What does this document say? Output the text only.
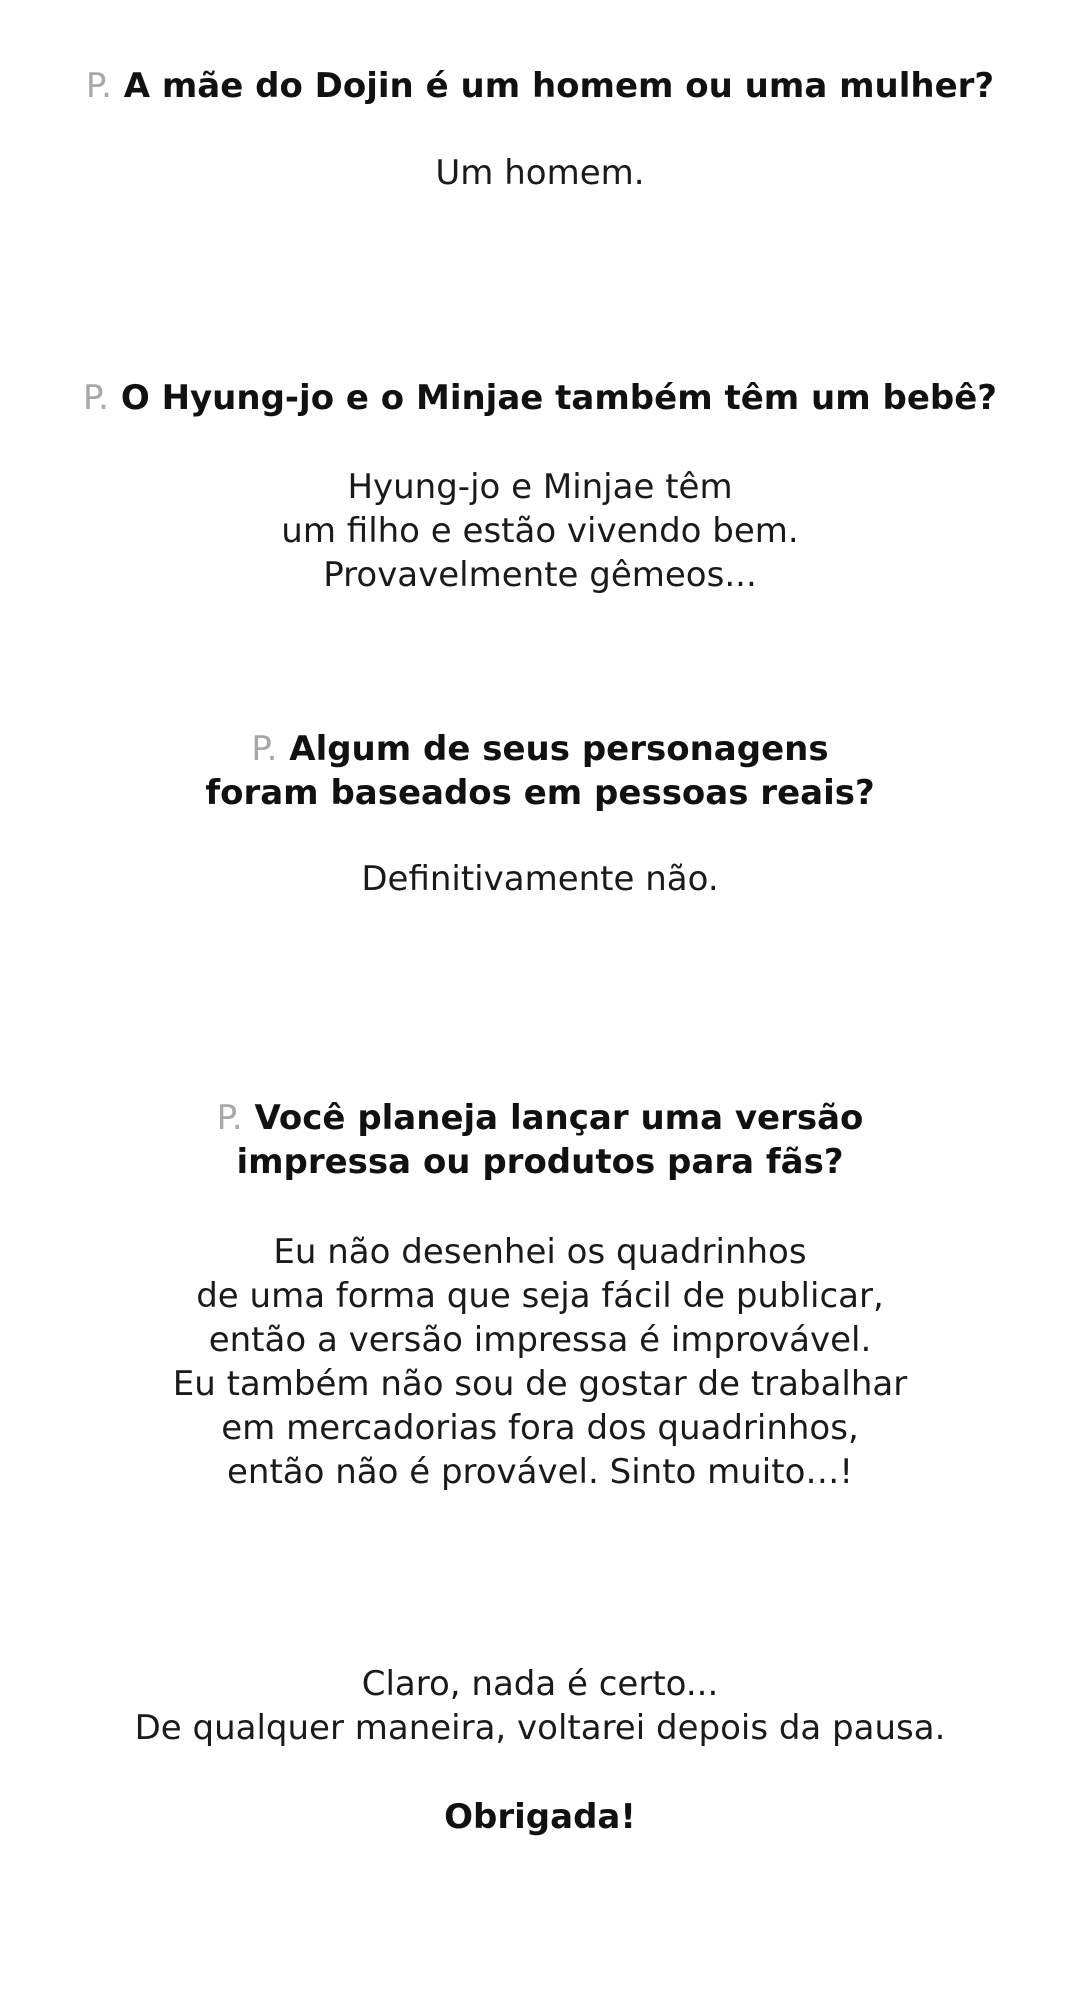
P. A mãe do Dojin é um homem ou uma mulher?
Um homem.
P. O Hyung-jo e o Minjae também têm um bebê?
Hyung-jo e Minjae têm
um filho e estão vivendo bem.
Provavelmente gêmeos...
P. Algum de seus personagens
foram baseados em pessoas reais?
Definitivamente não.
P. Você planeja lançar uma versão
impressa ou produtos para fãs?
Eu não desenhei os quadrinhos
de uma forma que seja fácil de publicar,
então a versão impressa é improvável.
Eu também não sou de gostar de trabalhar
em mercadorias fora dos quadrinhos,
então não é provável. Sinto muito…!
Claro, nada é certo...
De qualquer maneira, voltarei depois da pausa.
Obrigada!
